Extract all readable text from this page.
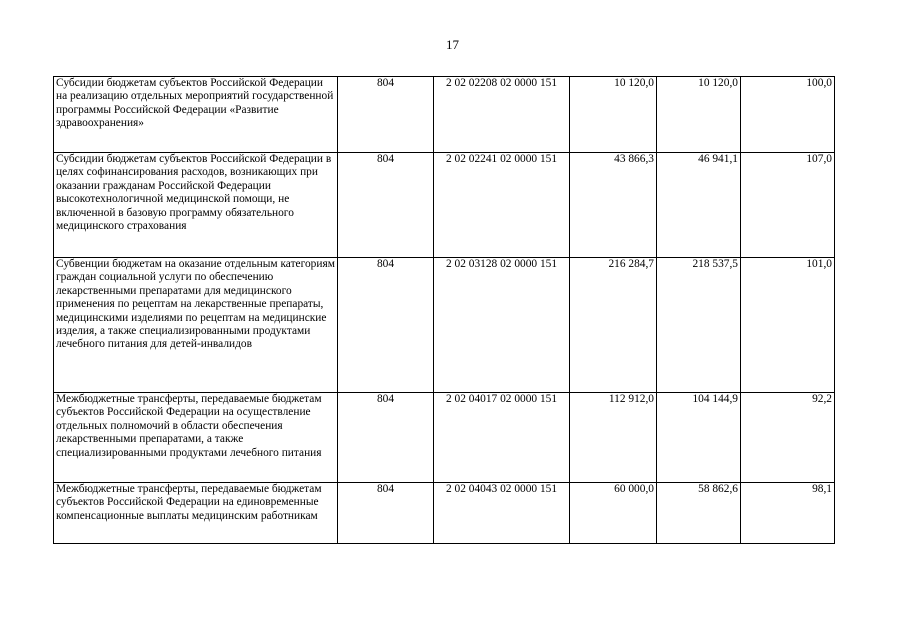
17
Субсидии бюджетам субъектов Российской Федерации на реализацию отдельных мероприятий государственной программы Российской Федерации «Развитие здравоохранения»	804	2 02 02208 02 0000 151	10 120,0	10 120,0	100,0
Субсидии бюджетам субъектов Российской Федерации в целях софинансирования расходов, возникающих при оказании гражданам Российской Федерации высокотехнологичной медицинской помощи, не включенной в базовую программу обязательного медицинского страхования	804	2 02 02241 02 0000 151	43 866,3	46 941,1	107,0
Субвенции бюджетам на оказание отдельным категориям граждан социальной услуги по обеспечению лекарственными препаратами для медицинского применения по рецептам на лекарственные препараты, медицинскими изделиями по рецептам на медицинские изделия, а также специализированными продуктами лечебного питания для детей-инвалидов	804	2 02 03128 02 0000 151	216 284,7	218 537,5	101,0
Межбюджетные трансферты, передаваемые бюджетам субъектов Российской Федерации на осуществление отдельных полномочий в области обеспечения лекарственными препаратами, а также специализированными продуктами лечебного питания	804	2 02 04017 02 0000 151	112 912,0	104 144,9	92,2
Межбюджетные трансферты, передаваемые бюджетам субъектов Российской Федерации на единовременные компенсационные выплаты медицинским работникам	804	2 02 04043 02 0000 151	60 000,0	58 862,6	98,1
